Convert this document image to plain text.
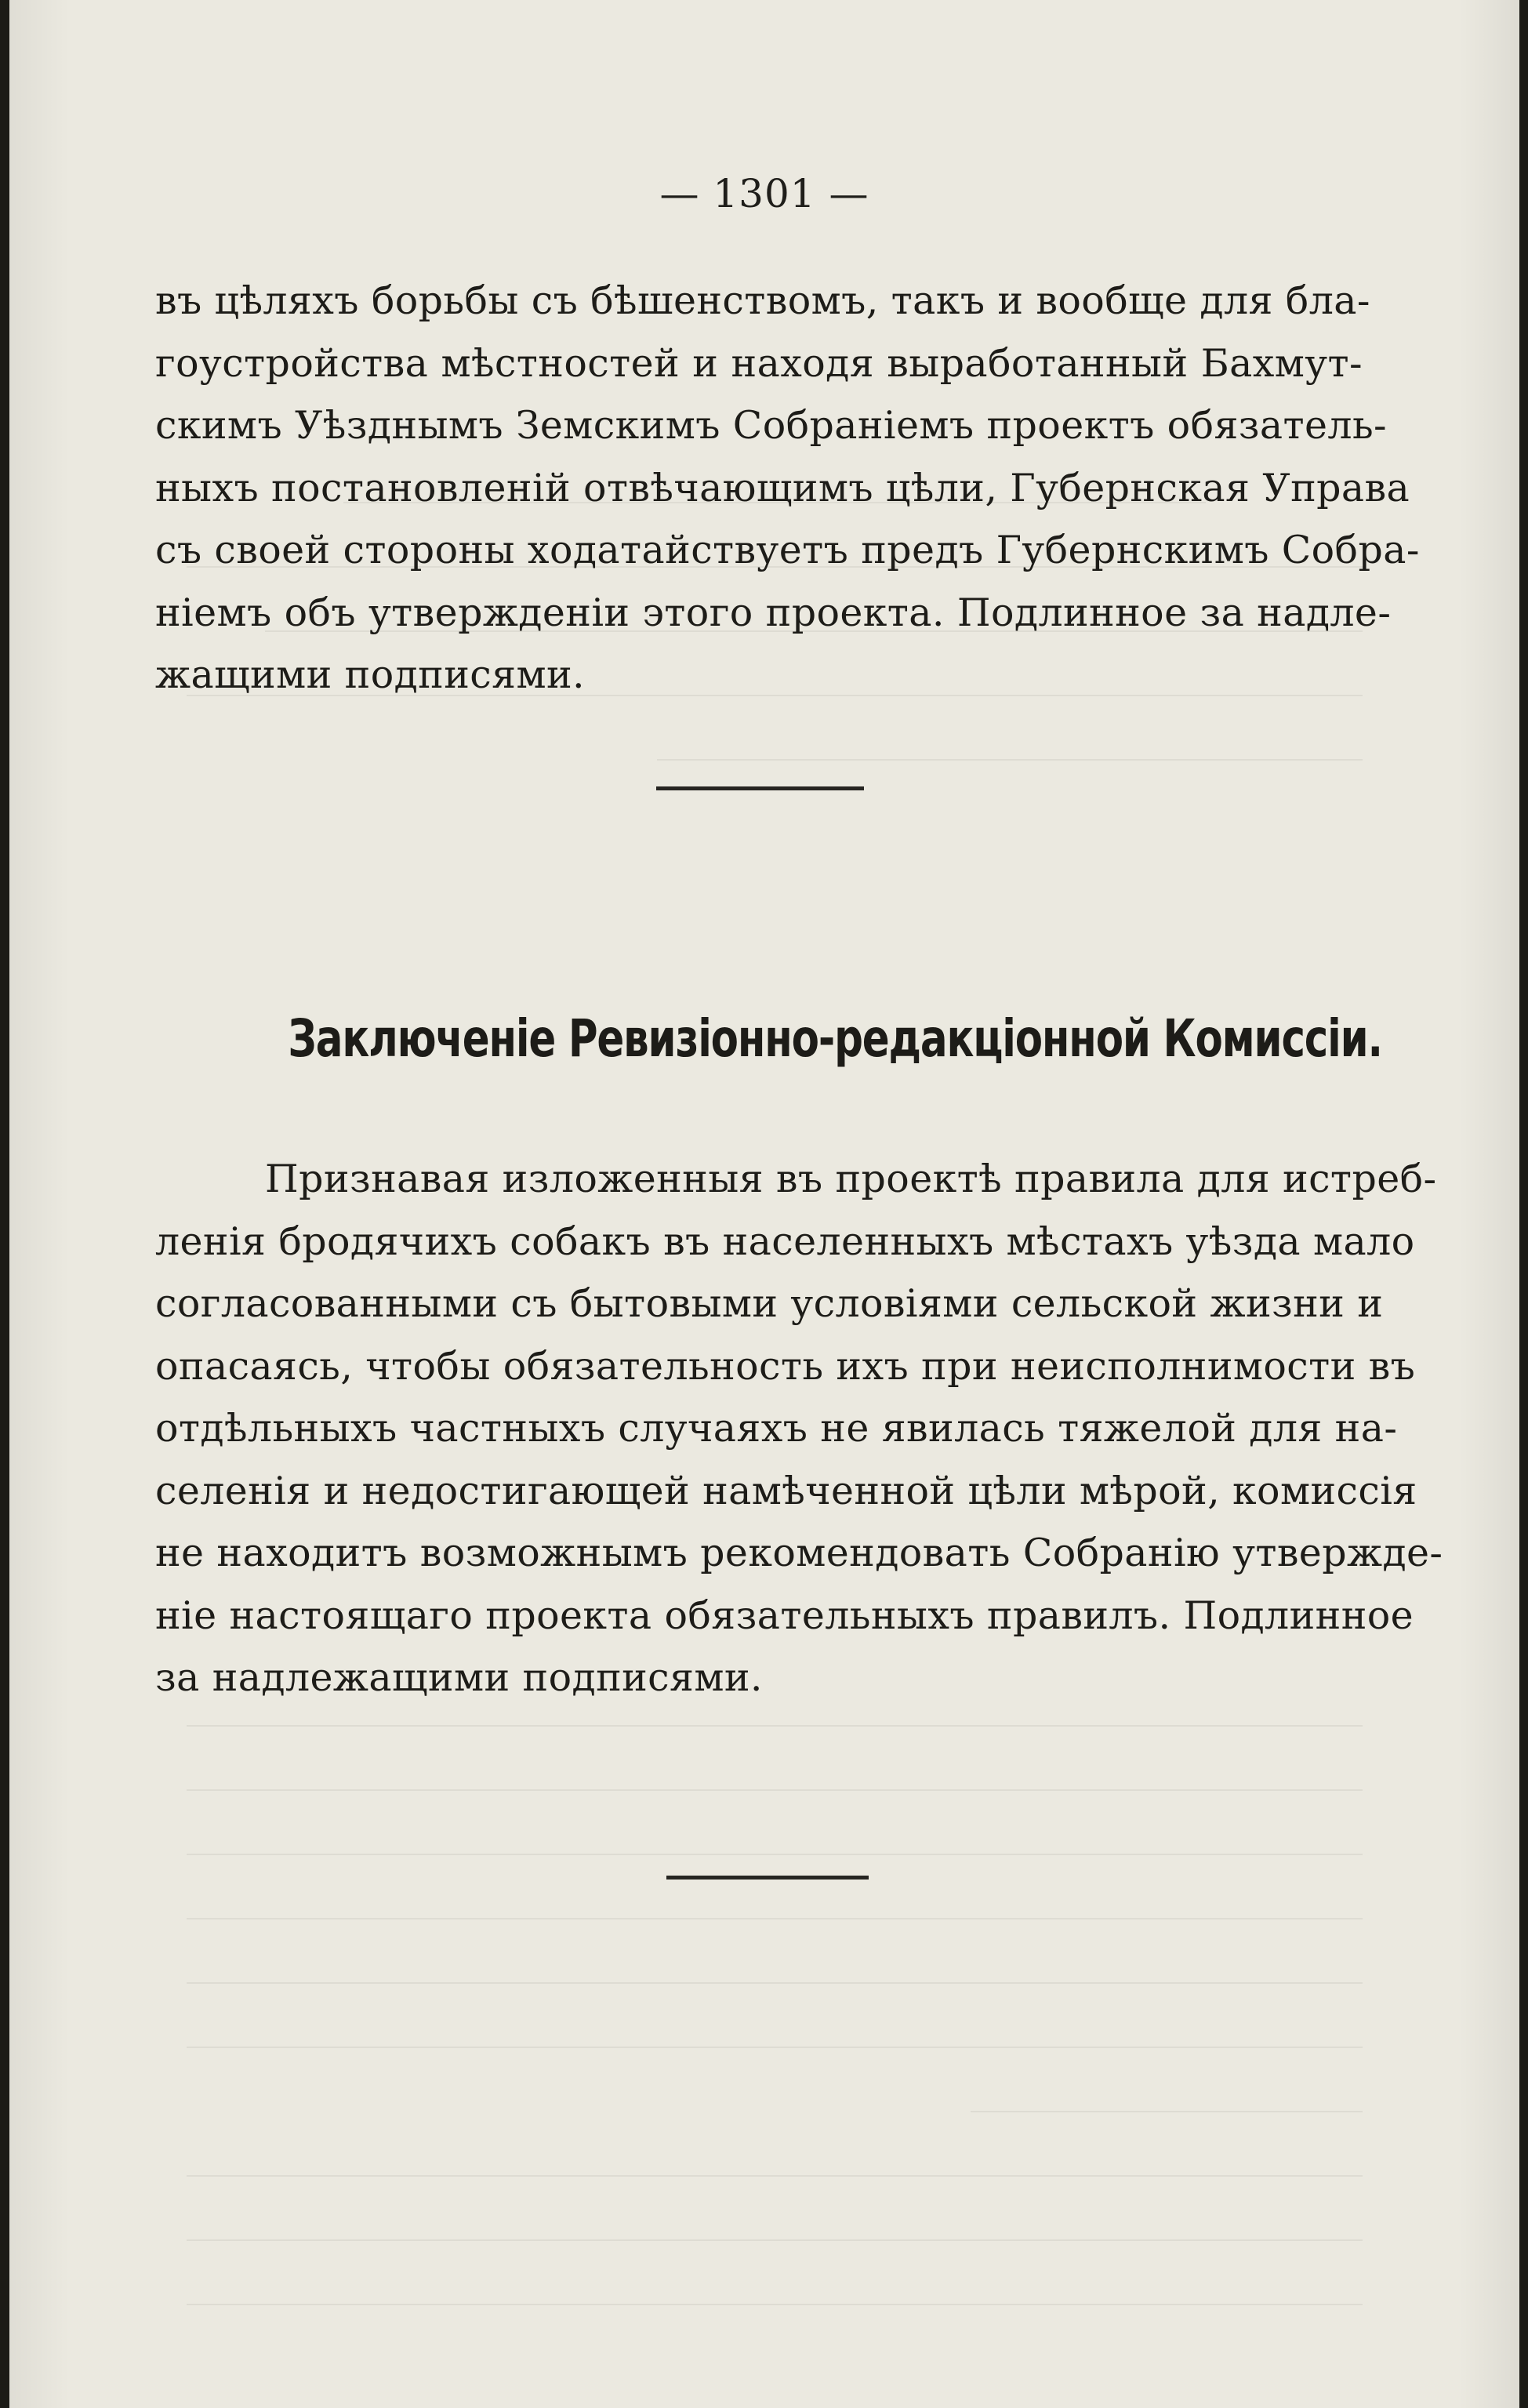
— 1301 —
въ цѣляхъ борьбы съ бѣшенствомъ, такъ и вообще для бла-
гоустройства мѣстностей и находя выработанный Бахмут-
скимъ Уѣзднымъ Земскимъ Собраніемъ проектъ обязатель-
ныхъ постановленій отвѣчающимъ цѣли, Губернская Управа
съ своей стороны ходатайствуетъ предъ Губернскимъ Собра-
ніемъ объ утвержденіи этого проекта. Подлинное за надле-
жащими подписями.
Заключеніе Ревизіонно-редакціонной Комиссіи.
Признавая изложенныя въ проектѣ правила для истреб-
ленія бродячихъ собакъ въ населенныхъ мѣстахъ уѣзда мало
согласованными съ бытовыми условіями сельской жизни и
опасаясь, чтобы обязательность ихъ при неисполнимости въ
отдѣльныхъ частныхъ случаяхъ не явилась тяжелой для на-
селенія и недостигающей намѣченной цѣли мѣрой, комиссія
не находитъ возможнымъ рекомендовать Собранію утвержде-
ніе настоящаго проекта обязательныхъ правилъ. Подлинное
за надлежащими подписями.
